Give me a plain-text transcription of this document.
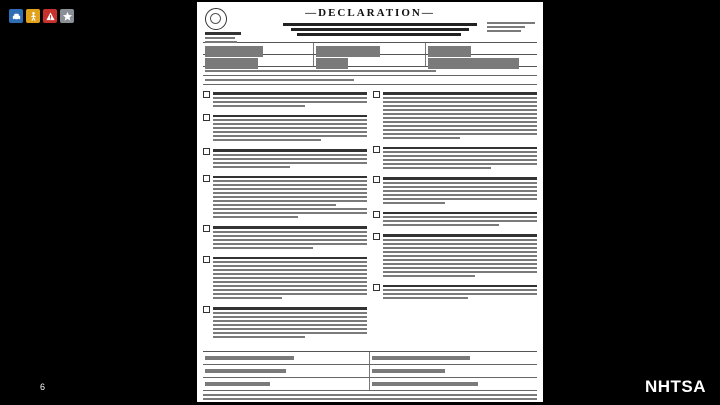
—DECLARATION—
6	NHTSA
